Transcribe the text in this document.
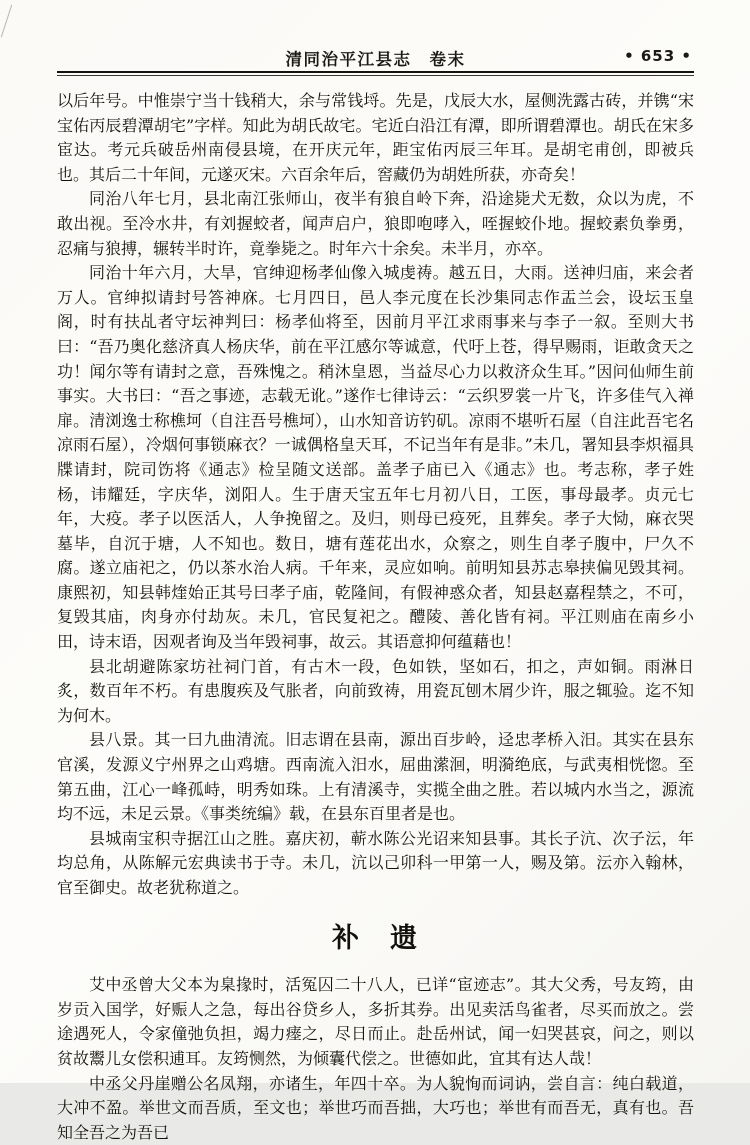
清同治平江县志　卷末	• 653 •

以后年号。中惟崇宁当十钱稍大，余与常钱埒。先是，戊辰大水，屋侧洗露古砖，并镌“宋宝佑丙辰碧潭胡宅”字样。知此为胡氏故宅。宅近白沿江有潭，即所谓碧潭也。胡氏在宋多宦达。考元兵破岳州南侵县境，在开庆元年，距宝佑丙辰三年耳。是胡宅甫创，即被兵也。其后二十年间，元遂灭宋。六百余年后，窖藏仍为胡姓所获，亦奇矣！

同治八年七月，县北南江张师山，夜半有狼自岭下奔，沿途毙犬无数，众以为虎，不敢出视。至冷水井，有刘握蛟者，闻声启户，狼即咆哮入，咥握蛟仆地。握蛟素负拳勇，忍痛与狼搏，辗转半时许，竟拳毙之。时年六十余矣。未半月，亦卒。

同治十年六月，大旱，官绅迎杨孝仙像入城虔祷。越五日，大雨。送神归庙，来会者万人。官绅拟请封号答神庥。七月四日，邑人李元度在长沙集同志作盂兰会，设坛玉皇阁，时有扶乩者守坛神判曰：杨孝仙将至，因前月平江求雨事来与李子一叙。至则大书曰：“吾乃奥化慈济真人杨庆华，前在平江感尔等诚意，代吁上苍，得早赐雨，讵敢贪天之功！闻尔等有请封之意，吾殊愧之。稍沐皇恩，当益尽心力以救济众生耳。”因问仙师生前事实。大书曰：“吾之事迹，志载无讹。”遂作七律诗云：“云织罗裳一片飞，许多佳气入禅扉。清浏逸士称樵坷（自注吾号樵坷），山水知音访钓矶。凉雨不堪听石屋（自注此吾宅名凉雨石屋），冷烟何事锁麻衣？一诚偶格皇天耳，不记当年有是非。”未几，署知县李炽福具牒请封，院司饬将《通志》检呈随文送部。盖孝子庙已入《通志》也。考志称，孝子姓杨，讳耀廷，字庆华，浏阳人。生于唐天宝五年七月初八日，工医，事母最孝。贞元七年，大疫。孝子以医活人，人争挽留之。及归，则母已疫死，且葬矣。孝子大恸，麻衣哭墓毕，自沉于塘，人不知也。数日，塘有莲花出水，众察之，则生自孝子腹中，尸久不腐。遂立庙祀之，仍以茶水治人病。千年来，灵应如响。前明知县苏志皋挟偏见毁其祠。康熙初，知县韩煃始正其号曰孝子庙，乾隆间，有假神惑众者，知县赵嘉程禁之，不可，复毁其庙，肉身亦付劫灰。未几，官民复祀之。醴陵、善化皆有祠。平江则庙在南乡小田，诗末语，因观者询及当年毁祠事，故云。其语意抑何蕴藉也！

县北胡避陈家坊社祠门首，有古木一段，色如铁，坚如石，扣之，声如铜。雨淋日炙，数百年不朽。有患腹疾及气胀者，向前致祷，用瓷瓦刨木屑少许，服之辄验。迄不知为何木。

县八景。其一曰九曲清流。旧志谓在县南，源出百步岭，迳忠孝桥入汨。其实在县东官溪，发源义宁州界之山鸡塘。西南流入汨水，屈曲潆洄，明漪绝底，与武夷相恍惚。至第五曲，江心一峰孤峙，明秀如珠。上有清溪寺，实揽全曲之胜。若以城内水当之，源流均不远，未足云景。《事类统编》载，在县东百里者是也。

县城南宝积寺据江山之胜。嘉庆初，蕲水陈公光诏来知县事。其长子沆、次子沄，年均总角，从陈解元宏典读书于寺。未几，沆以己卯科一甲第一人，赐及第。沄亦入翰林，官至御史。故老犹称道之。

补　遗

艾中丞曾大父本为臬掾时，活冤囚二十八人，已详“宦迹志”。其大父秀，号友筠，由岁贡入国学，好赈人之急，每出谷贷乡人，多折其券。出见卖活鸟雀者，尽买而放之。尝途遇死人，令家僮弛负担，竭力瘗之，尽日而止。赴岳州试，闻一妇哭甚哀，问之，则以贫故鬻儿女偿积逋耳。友筠恻然，为倾囊代偿之。世德如此，宜其有达人哉！

中丞父丹崖赠公名凤翔，亦诸生，年四十卒。为人貌恂而词讷，尝自言：纯白载道，大冲不盈。举世文而吾质，至文也；举世巧而吾拙，大巧也；举世有而吾无，真有也。吾知全吾之为吾已
